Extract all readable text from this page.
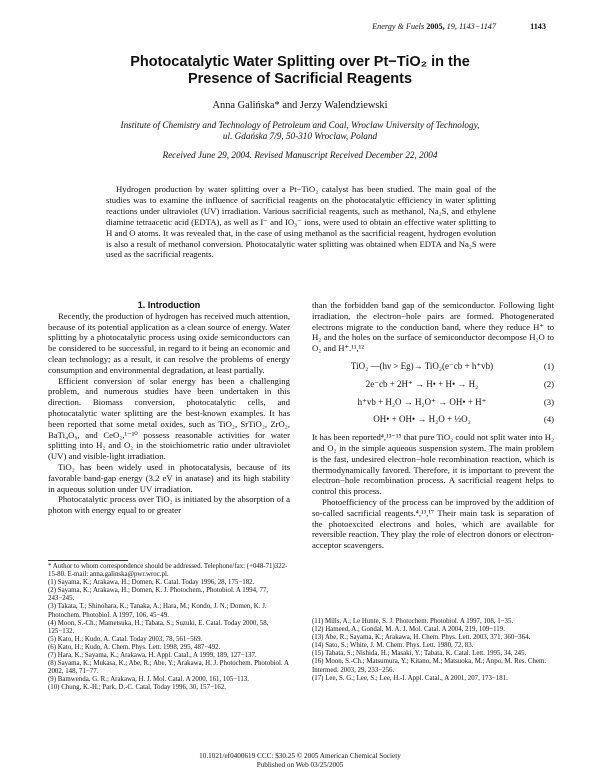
Energy & Fuels 2005, 19, 1143−1147	1143
Photocatalytic Water Splitting over Pt−TiO₂ in the
Presence of Sacrificial Reagents
Anna Galińska* and Jerzy Walendziewski
Institute of Chemistry and Technology of Petroleum and Coal, Wroclaw University of Technology, ul. Gdańska 7/9, 50-310 Wroclaw, Poland
Received June 29, 2004. Revised Manuscript Received December 22, 2004
Hydrogen production by water splitting over a Pt−TiO₂ catalyst has been studied. The main goal of the studies was to examine the influence of sacrificial reagents on the photocatalytic efficiency in water splitting reactions under ultraviolet (UV) irradiation. Various sacrificial reagents, such as methanol, Na₂S, and ethylene diamine tetraacetic acid (EDTA), as well as I⁻ and IO₃⁻ ions, were used to obtain an effective water splitting to H and O atoms. It was revealed that, in the case of using methanol as the sacrificial reagent, hydrogen evolution is also a result of methanol conversion. Photocatalytic water splitting was obtained when EDTA and Na₂S were used as the sacrificial reagents.

1. Introduction

Recently, the production of hydrogen has received much attention, because of its potential application as a clean source of energy. Water splitting by a photocatalytic process using oxide semiconductors can be considered to be successful, in regard to it being an economic and clean technology; as a result, it can resolve the problems of energy consumption and environmental degradation, at least partially.

Efficient conversion of solar energy has been a challenging problem, and numerous studies have been undertaken in this direction. Biomass conversion, photocatalytic cells, and photocatalytic water splitting are the best-known examples. It has been reported that some metal oxides, such as TiO₂, SrTiO₂, ZrO₂, BaTi₄O₉, and CeO₂,¹⁻¹⁰ possess reasonable activities for water splitting into H₂ and O₂ in the stoichiometric ratio under ultraviolet (UV) and visible-light irradiation.

TiO₂ has been widely used in photocatalysis, because of its favorable band-gap energy (3.2 eV in anatase) and its high stability in aqueous solution under UV irradiation.

Photocatalytic process over TiO₂ is initiated by the absorption of a photon with energy equal to or greater

than the forbidden band gap of the semiconductor. Following light irradiation, the electron−hole pairs are formed. Photogenerated electrons migrate to the conduction band, where they reduce H⁺ to H₂ and the holes on the surface of semiconductor decompose H₂O to O₂ and H⁺.¹¹,¹²

TiO₂ —(hν > Eg)→ TiO₂(e⁻cb + h⁺vb)	(1)
2e⁻cb + 2H⁺ → H• + H• → H₂	(2)
h⁺vb + H₂O → H₂O⁺ → OH• + H⁺	(3)
OH• + OH• → H₂O + ½O₂	(4)

It has been reported⁴,¹³⁻¹⁵ that pure TiO₂ could not split water into H₂ and O₂ in the simple aqueous suspension system. The main problem is the fast, undesired electron−hole recombination reaction, which is thermodynamically favored. Therefore, it is important to prevent the electron−hole recombination process. A sacrificial reagent helps to control this process.

Photoefficiency of the process can be improved by the addition of so-called sacrificial reagents.⁴,¹³,¹⁷ Their main task is separation of the photoexcited electrons and holes, which are available for reversible reaction. They play the role of electron donors or electron-acceptor scavengers.

* Author to whom correspondence should be addressed. Telephone/fax: (+048-71)322-15-80. E-mail: anna.galinska@pwr.wroc.pl.

(1) Sayama, K.; Arakawa, H.; Domen, K. Catal. Today 1996, 28, 175−182.

(2) Sayama, K.; Arakawa, H.; Domen, K. J. Photochem., Photobiol. A 1994, 77, 243−245.

(3) Takata, T.; Shinohara, K.; Tanaka, A.; Hara, M.; Kondo, J. N.; Domen, K. J. Photochem. Photobiol. A 1997, 106, 45−49.

(4) Moon, S.-Ch.; Mametsuka, H.; Tabata, S.; Suzuki, E. Catal. Today 2000, 58, 125−132.

(5) Kato, H.; Kudo, A. Catal. Today 2003, 78, 561−569.

(6) Kato, H.; Kudo, A. Chem. Phys. Lett. 1998, 295, 487−492.

(7) Hara, K.; Sayama, K.; Arakawa, H. Appl. Catal., A 1999, 189, 127−137.

(8) Sayama, K.; Mukasa, K.; Abe, R.; Abe, Y.; Arakawa, H. J. Photochem. Photobiol. A 2002, 148, 71−77.

(9) Bamwenda, G. R.; Arakawa, H. J. Mol. Catal. A 2000, 161, 105−113.

(10) Chung, K.-H.; Park, D.-C. Catal. Today 1996, 30, 157−162.

(11) Mills, A.; Le Hunte, S. J. Photochem. Photobiol. A 1997, 108, 1−35.

(12) Hameed, A.; Gondal, M. A. J. Mol. Catal. A 2004, 219, 109−119.

(13) Abe, R.; Sayama, K.; Arakawa, H. Chem. Phys. Lett. 2003, 371, 360−364.

(14) Sato, S.; White, J. M. Chem. Phys. Lett. 1980, 72, 83.

(15) Tabata, S.; Nishida, H.; Masaki, Y.; Tabata, K. Catal. Lett. 1995, 34, 245.

(16) Moon, S.-Ch.; Matsumura, Y.; Kitano, M.; Matsuoka, M.; Anpo, M. Res. Chem. Intermed. 2003, 29, 233−256.

(17) Lee, S. G.; Lee, S.; Lee, H.-I. Appl. Catal., A 2001, 207, 173−181.

10.1021/ef0400619 CCC: $30.25 © 2005 American Chemical Society
Published on Web 03/25/2005
